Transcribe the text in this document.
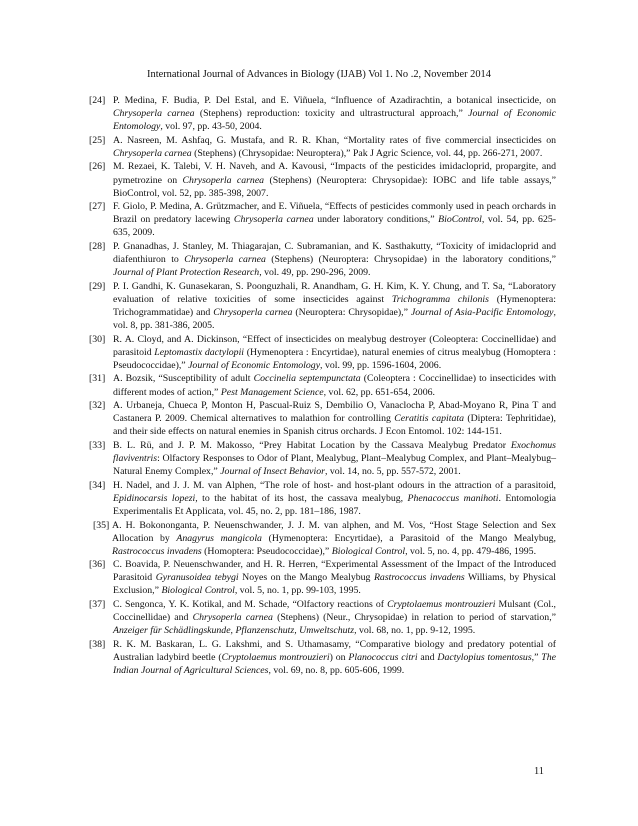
International Journal of Advances in Biology (IJAB) Vol 1. No .2, November 2014
[24] P. Medina, F. Budia, P. Del Estal, and E. Viñuela, “Influence of Azadirachtin, a botanical insecticide, on Chrysoperla carnea (Stephens) reproduction: toxicity and ultrastructural approach,” Journal of Economic Entomology, vol. 97, pp. 43-50, 2004.
[25] A. Nasreen, M. Ashfaq, G. Mustafa, and R. R. Khan, “Mortality rates of five commercial insecticides on Chrysoperla carnea (Stephens) (Chrysopidae: Neuroptera),” Pak J Agric Science, vol. 44, pp. 266-271, 2007.
[26] M. Rezaei, K. Talebi, V. H. Naveh, and A. Kavousi, “Impacts of the pesticides imidacloprid, propargite, and pymetrozine on Chrysoperla carnea (Stephens) (Neuroptera: Chrysopidae): IOBC and life table assays,” BioControl, vol. 52, pp. 385-398, 2007.
[27] F. Giolo, P. Medina, A. Grützmacher, and E. Viñuela, “Effects of pesticides commonly used in peach orchards in Brazil on predatory lacewing Chrysoperla carnea under laboratory conditions,” BioControl, vol. 54, pp. 625-635, 2009.
[28] P. Gnanadhas, J. Stanley, M. Thiagarajan, C. Subramanian, and K. Sasthakutty, “Toxicity of imidacloprid and diafenthiuron to Chrysoperla carnea (Stephens) (Neuroptera: Chrysopidae) in the laboratory conditions,” Journal of Plant Protection Research, vol. 49, pp. 290-296, 2009.
[29] P. I. Gandhi, K. Gunasekaran, S. Poonguzhali, R. Anandham, G. H. Kim, K. Y. Chung, and T. Sa, “Laboratory evaluation of relative toxicities of some insecticides against Trichogramma chilonis (Hymenoptera: Trichogrammatidae) and Chrysoperla carnea (Neuroptera: Chrysopidae),” Journal of Asia-Pacific Entomology, vol. 8, pp. 381-386, 2005.
[30] R. A. Cloyd, and A. Dickinson, “Effect of insecticides on mealybug destroyer (Coleoptera: Coccinellidae) and parasitoid Leptomastix dactylopii (Hymenoptera : Encyrtidae), natural enemies of citrus mealybug (Homoptera : Pseudococcidae),” Journal of Economic Entomology, vol. 99, pp. 1596-1604, 2006.
[31] A. Bozsik, “Susceptibility of adult Coccinelia septempunctata (Coleoptera : Coccinellidae) to insecticides with different modes of action,” Pest Management Science, vol. 62, pp. 651-654, 2006.
[32] A. Urbaneja, Chueca P, Monton H, Pascual-Ruiz S, Dembilio O, Vanaclocha P, Abad-Moyano R, Pina T and Castanera P. 2009. Chemical alternatives to malathion for controlling Ceratitis capitata (Diptera: Tephritidae), and their side effects on natural enemies in Spanish citrus orchards. J Econ Entomol. 102: 144-151.
[33] B. L. Rü, and J. P. M. Makosso, “Prey Habitat Location by the Cassava Mealybug Predator Exochomus flaviventris: Olfactory Responses to Odor of Plant, Mealybug, Plant–Mealybug Complex, and Plant–Mealybug–Natural Enemy Complex,” Journal of Insect Behavior, vol. 14, no. 5, pp. 557-572, 2001.
[34] H. Nadel, and J. J. M. van Alphen, “The role of host- and host-plant odours in the attraction of a parasitoid, Epidinocarsis lopezi, to the habitat of its host, the cassava mealybug, Phenacoccus manihoti. Entomologia Experimentalis Et Applicata, vol. 45, no. 2, pp. 181–186, 1987.
[35] A. H. Bokononganta, P. Neuenschwander, J. J. M. van alphen, and M. Vos, “Host Stage Selection and Sex Allocation by Anagyrus mangicola (Hymenoptera: Encyrtidae), a Parasitoid of the Mango Mealybug, Rastrococcus invadens (Homoptera: Pseudococcidae),” Biological Control, vol. 5, no. 4, pp. 479-486, 1995.
[36] C. Boavida, P. Neuenschwander, and H. R. Herren, “Experimental Assessment of the Impact of the Introduced Parasitoid Gyranusoidea tebygi Noyes on the Mango Mealybug Rastrococcus invadens Williams, by Physical Exclusion,” Biological Control, vol. 5, no. 1, pp. 99-103, 1995.
[37] C. Sengonca, Y. K. Kotikal, and M. Schade, “Olfactory reactions of Cryptolaemus montrouzieri Mulsant (Col., Coccinellidae) and Chrysoperla carnea (Stephens) (Neur., Chrysopidae) in relation to period of starvation,” Anzeiger für Schädlingskunde, Pflanzenschutz, Umweltschutz, vol. 68, no. 1, pp. 9-12, 1995.
[38] R. K. M. Baskaran, L. G. Lakshmi, and S. Uthamasamy, “Comparative biology and predatory potential of Australian ladybird beetle (Cryptolaemus montrouzieri) on Planococcus citri and Dactylopius tomentosus,” The Indian Journal of Agricultural Sciences, vol. 69, no. 8, pp. 605-606, 1999.
11
